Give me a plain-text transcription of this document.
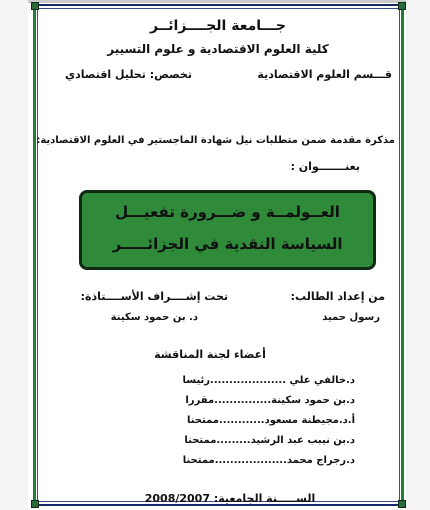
جـــامعة الجــــزائــر
كلية العلوم الاقتصادية و علوم التسيير
قـــسم العلوم الاقتصادية
تخصص: تحليل اقتصادي
مذكرة مقدمة ضمن متطلبات نيل شهادة الماجستير في العلوم الاقتصادية:
بعنـــــــوان :
العــولمــة و ضـــرورة تفعيـــل
السياسة النقدية في الجزائـــــر
من إعداد الطالب:
رسول حميد
تحت إشــــراف الأســــتاذة:
د. بن حمود سكينة
أعضاء لجنة المناقشة
د.خالفي علي ....................رئيسا
د.بن حمود سكينة...............مقررا
أ.د.مجيطنة مسعود............ممتحنا
د.بن نيبب عبد الرشيد.........ممتحنا
د.رجراج محمد...................ممتحنا
الســـــنة الجامعية: 2008/2007
